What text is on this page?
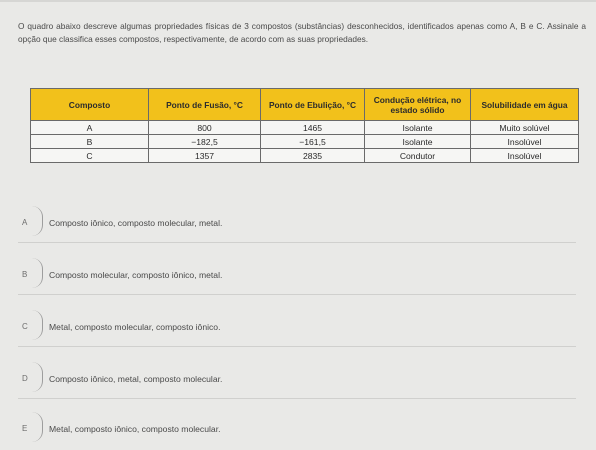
O quadro abaixo descreve algumas propriedades físicas de 3 compostos (substâncias) desconhecidos, identificados apenas como A, B e C. Assinale a opção que classifica esses compostos, respectivamente, de acordo com as suas propriedades.

Composto	Ponto de Fusão, °C	Ponto de Ebulição, °C	Condução elétrica, no estado sólido	Solubilidade em água
A	800	1465	Isolante	Muito solúvel
B	−182,5	−161,5	Isolante	Insolúvel
C	1357	2835	Condutor	Insolúvel
A	Composto iônico, composto molecular, metal.
B	Composto molecular, composto iônico, metal.
C Metal, composto molecular, composto iônico.
D Composto iônico, metal, composto molecular.
E	Metal, composto iônico, composto molecular.
